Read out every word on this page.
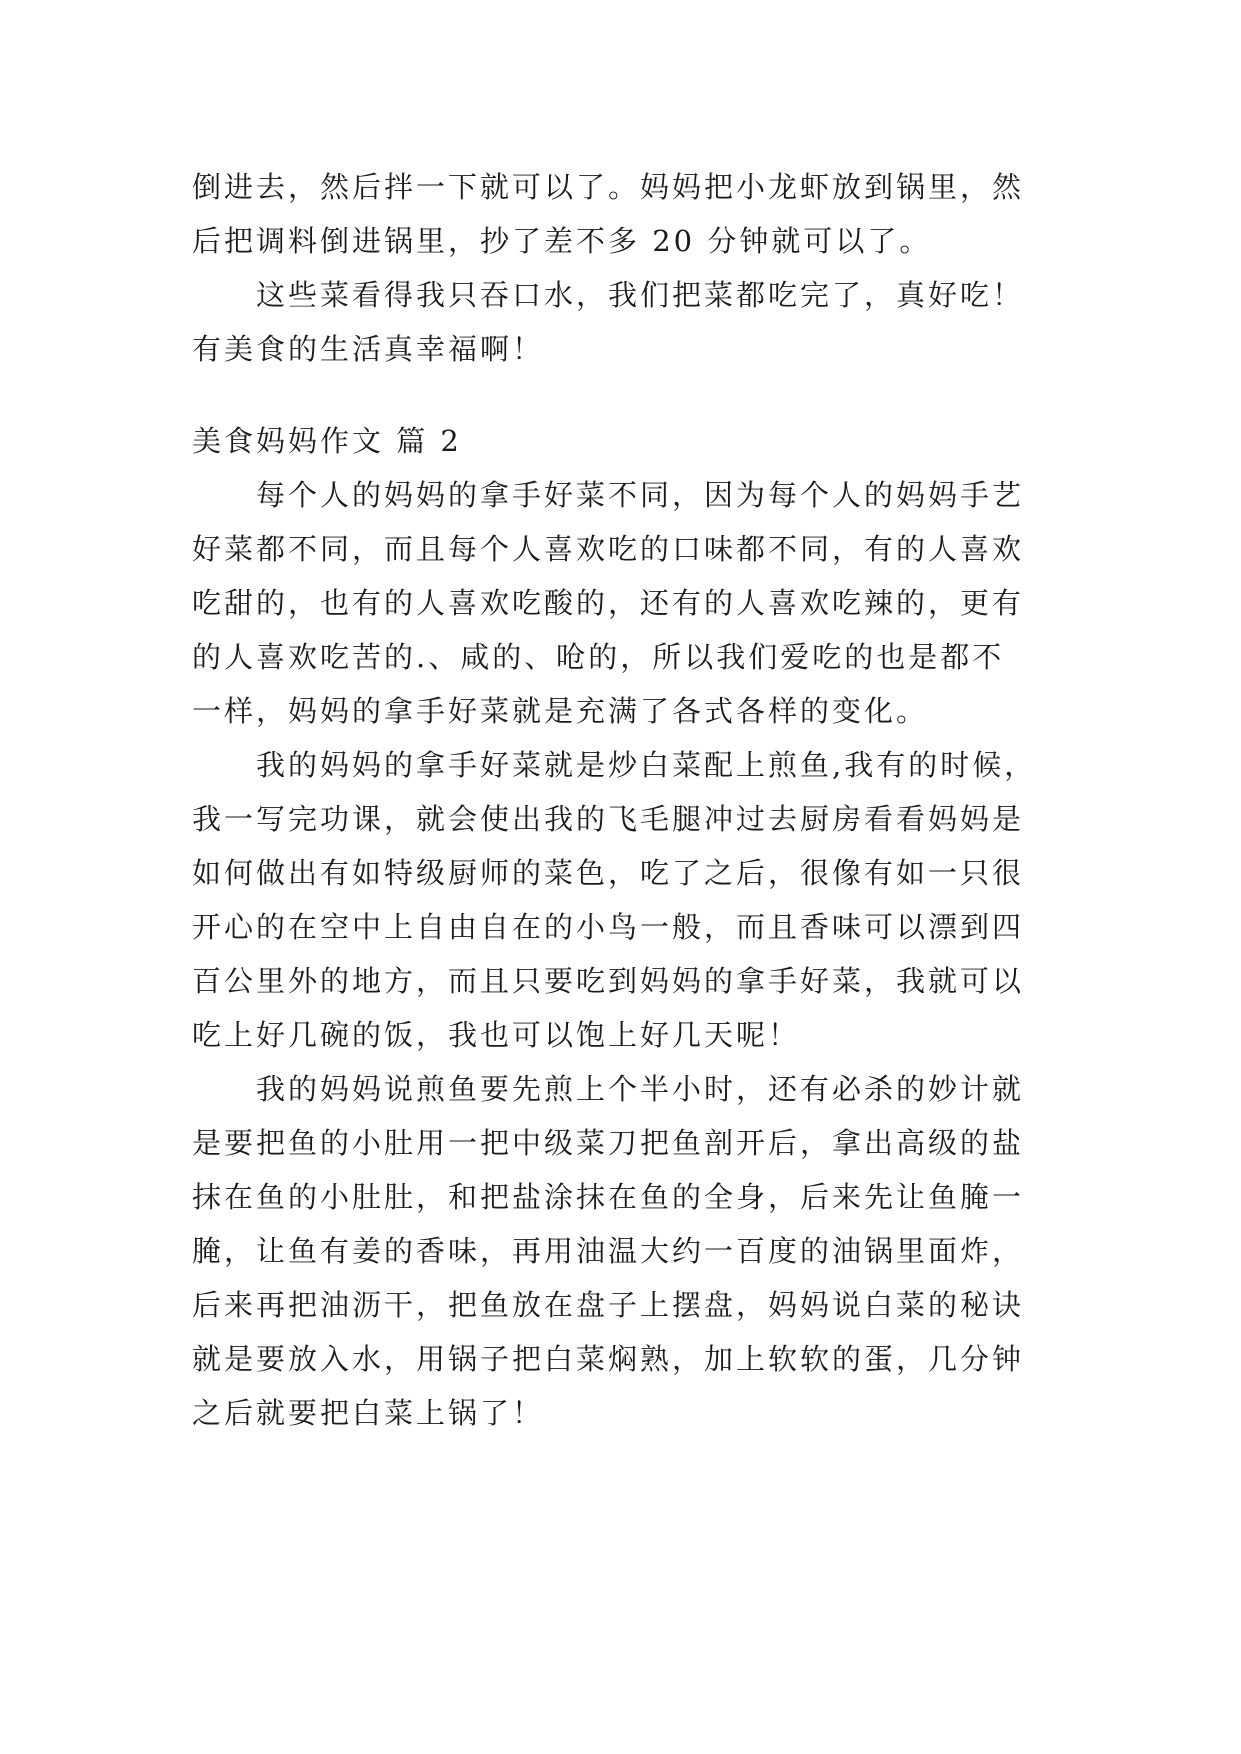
倒进去，然后拌一下就可以了。妈妈把小龙虾放到锅里，然
后把调料倒进锅里，抄了差不多 20 分钟就可以了。
这些菜看得我只吞口水，我们把菜都吃完了，真好吃！
有美食的生活真幸福啊！
美食妈妈作文 篇 2
每个人的妈妈的拿手好菜不同，因为每个人的妈妈手艺
好菜都不同，而且每个人喜欢吃的口味都不同，有的人喜欢
吃甜的，也有的人喜欢吃酸的，还有的人喜欢吃辣的，更有
的人喜欢吃苦的.、咸的、呛的，所以我们爱吃的也是都不
一样，妈妈的拿手好菜就是充满了各式各样的变化。
我的妈妈的拿手好菜就是炒白菜配上煎鱼,我有的时候，
我一写完功课，就会使出我的飞毛腿冲过去厨房看看妈妈是
如何做出有如特级厨师的菜色，吃了之后，很像有如一只很
开心的在空中上自由自在的小鸟一般，而且香味可以漂到四
百公里外的地方，而且只要吃到妈妈的拿手好菜，我就可以
吃上好几碗的饭，我也可以饱上好几天呢！
我的妈妈说煎鱼要先煎上个半小时，还有必杀的妙计就
是要把鱼的小肚用一把中级菜刀把鱼剖开后，拿出高级的盐
抹在鱼的小肚肚，和把盐涂抹在鱼的全身，后来先让鱼腌一
腌，让鱼有姜的香味，再用油温大约一百度的油锅里面炸，
后来再把油沥干，把鱼放在盘子上摆盘，妈妈说白菜的秘诀
就是要放入水，用锅子把白菜焖熟，加上软软的蛋，几分钟
之后就要把白菜上锅了！
